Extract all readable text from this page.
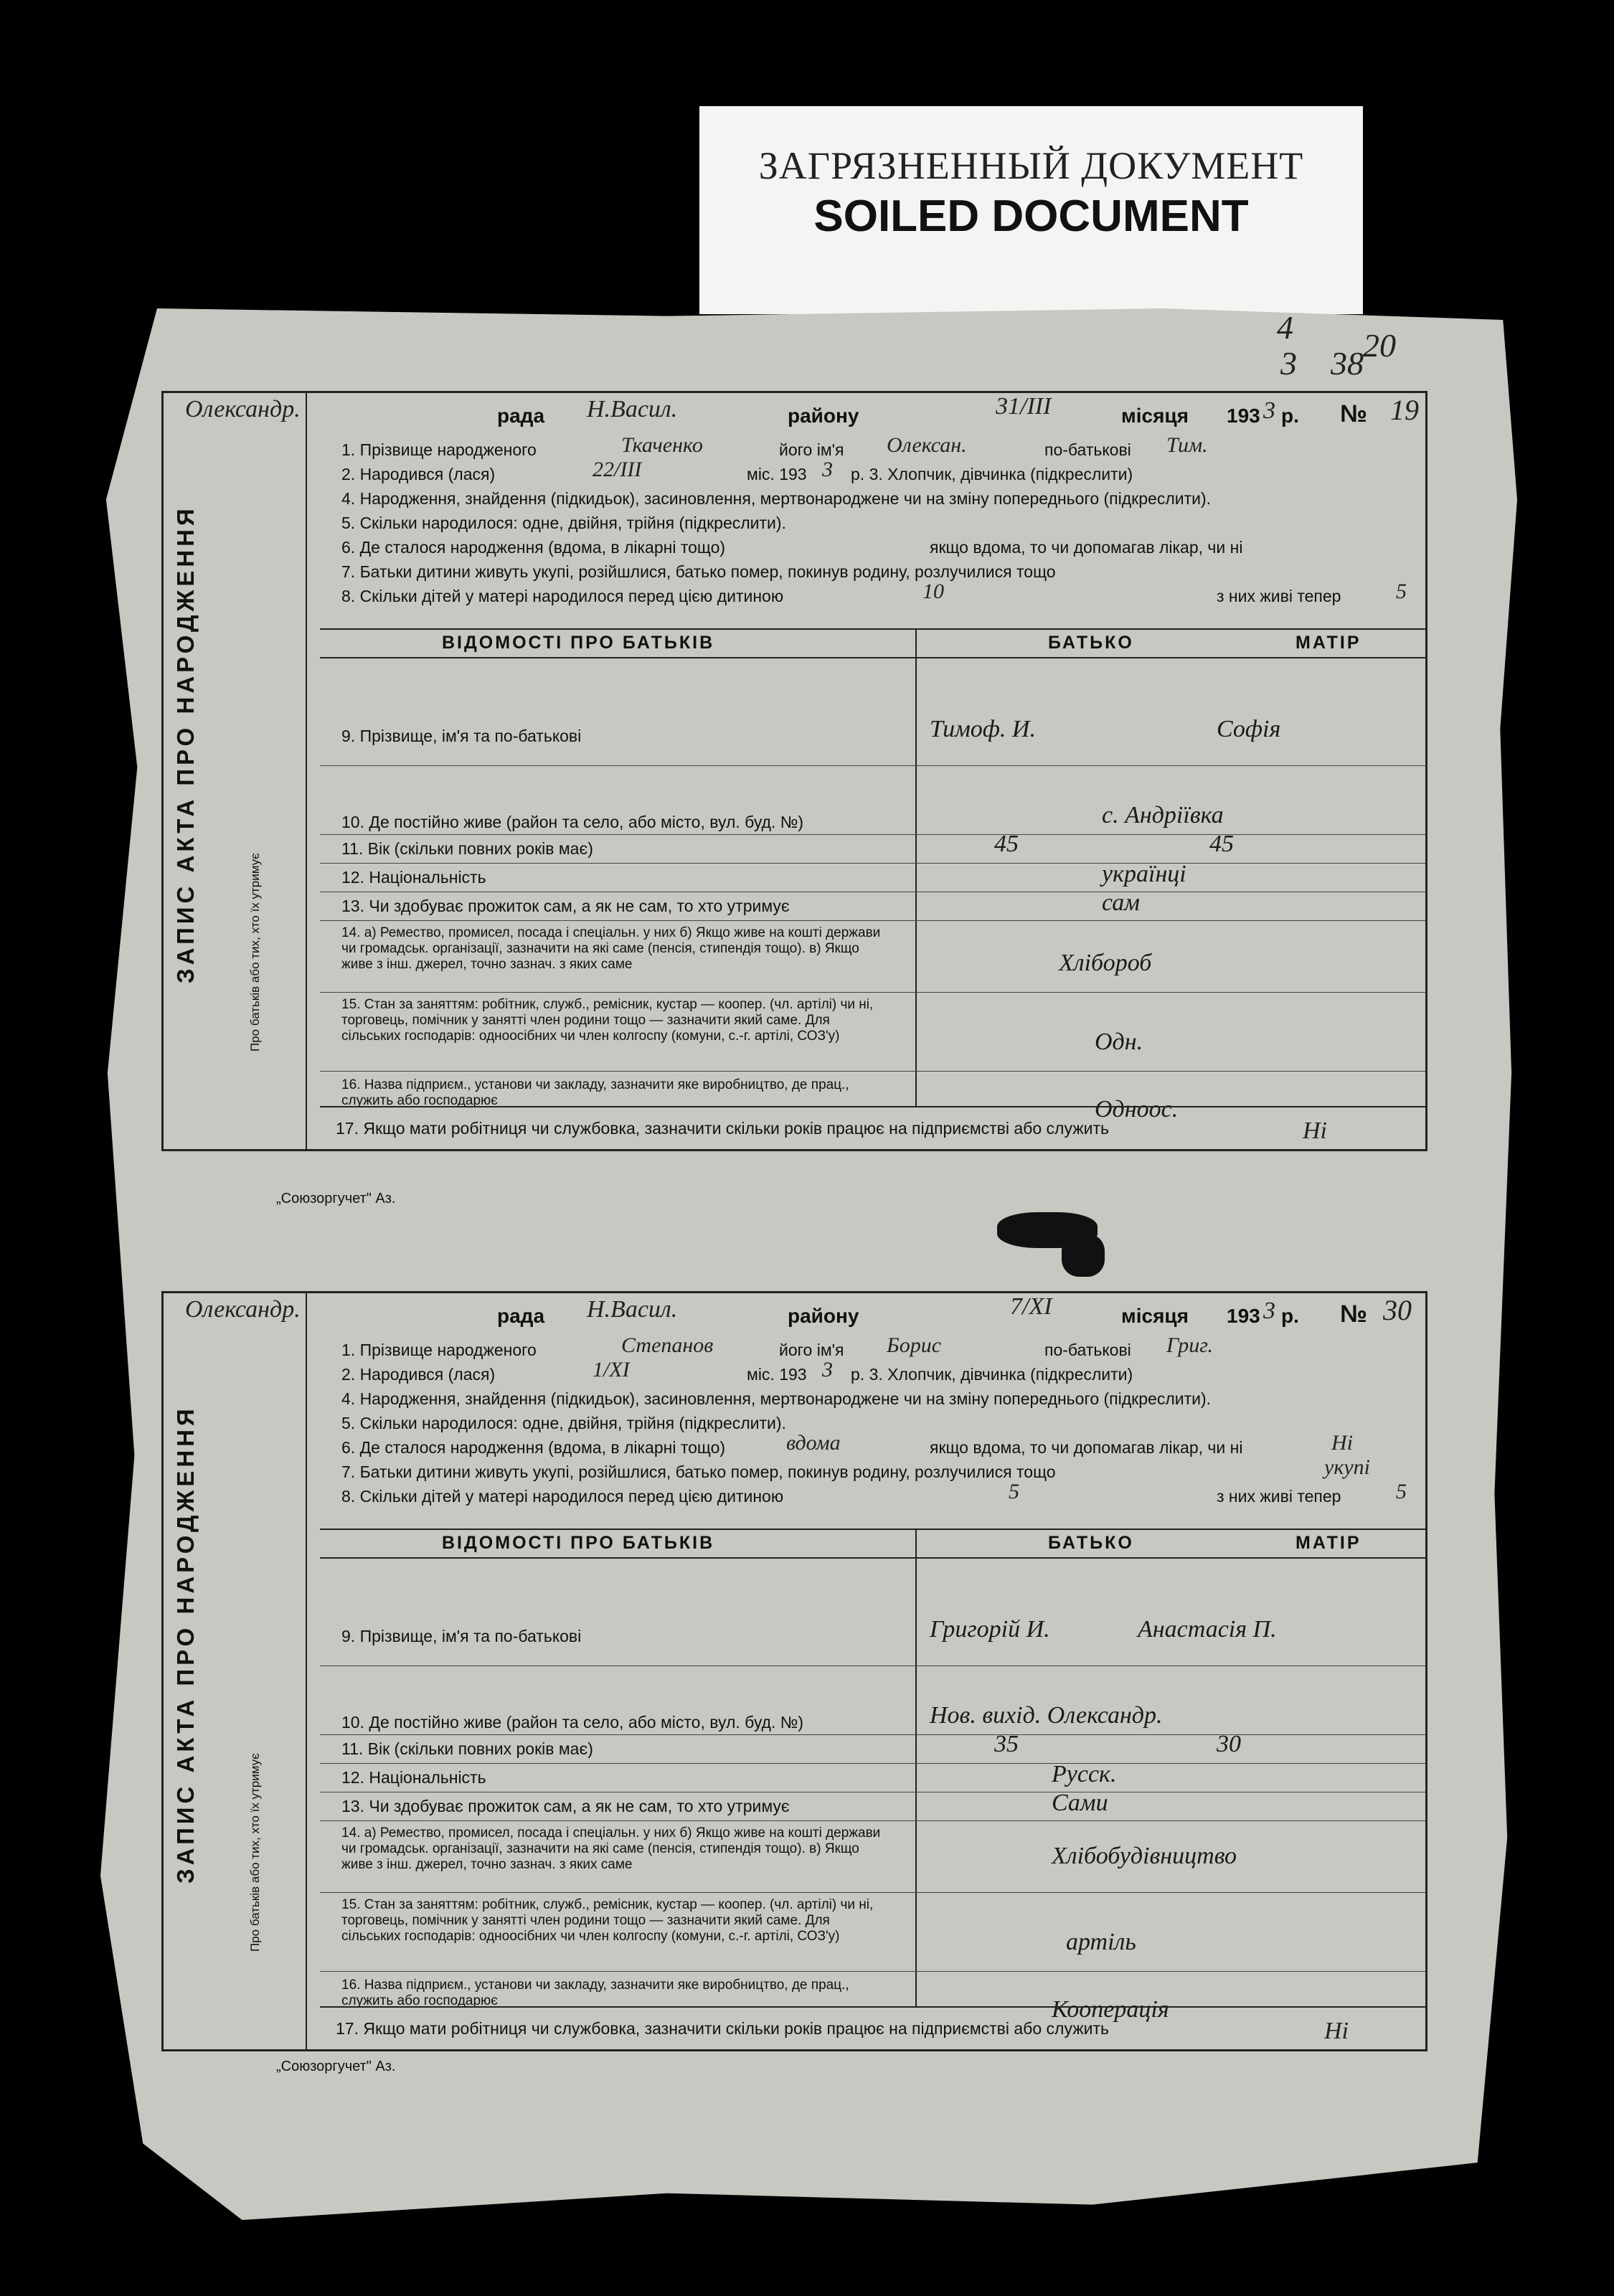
ЗАГРЯЗНЕННЫЙ ДОКУМЕНТ
SOILED DOCUMENT
4 20
3 38
ЗАПИС АКТА ПРО НАРОДЖЕННЯ	Про батьків або тих, хто їх утримує
Олександр.	рада Н.Васил.	району	31/III	місяця 193 3 р. № 19
1. Прізвище народженого	Ткаченко	його ім'я Олексан.	по-батькові Тим.
2. Народився (лася)	22/III	міс. 193 3 р. 3. Хлопчик, дівчинка (підкреслити)
4. Народження, знайдення (підкидьок), засиновлення, мертвонароджене чи на зміну попереднього (підкреслити).
5. Скільки народилося: одне, двійня, трійня (підкреслити).
6. Де сталося народження (вдома, в лікарні тощо)	якщо вдома, то чи допомагав лікар, чи ні
7. Батьки дитини живуть укупі, розійшлися, батько помер, покинув родину, розлучилися тощо
8. Скільки дітей у матері народилося перед цією дитиною	10	з них живі тепер	5
ВІДОМОСТІ ПРО БАТЬКІВ	БАТЬКО	МАТІР
9. Прізвище, ім'я та по-батькові	Тимоф. И.	Софія
10. Де постійно живе (район та село, або місто, вул. буд. №)	с. Андріївка
11. Вік (скільки повних років має)	45	45
12. Національність	українці
13. Чи здобуває прожиток сам, а як не сам, то хто утримує	сам
14. а) Ремество, промисел, посада і спеціальн. у них б) Якщо живе на коштi держави чи громадськ. організації, зазначити на які саме (пенсія, стипендія тощо). в) Якщо живе з інш. джерел, точно зазнач. з яких саме	Хлібороб
15. Стан за заняттям: робітник, служб., ремісник, кустар — коопер. (чл. артілі) чи ні, торговець, помічник у занятті член родини тощо — зазначити який саме. Для сільських господарів: одноосібних чи член колгоспу (комуни, с.-г. артілі, СОЗ'у)	Одн.
16. Назва підприєм., установи чи закладу, зазначити яке виробництво, де прац., служить або господарює	Одноос.
17. Якщо мати робітниця чи службовка, зазначити скільки років працює на підприємстві або служить	Ні
„Союзоргучет" Аз.
ЗАПИС АКТА ПРО НАРОДЖЕННЯ	Про батьків або тих, хто їх утримує
Олександр.	рада Н.Васил.	району	7/XI	місяця 193 3 р. № 30
1. Прізвище народженого	Степанов	його ім'я Борис	по-батькові Григ.
2. Народився (лася)	1/XI	міс. 193 3 р. 3. Хлопчик, дівчинка (підкреслити)
4. Народження, знайдення (підкидьок), засиновлення, мертвонароджене чи на зміну попереднього (підкреслити).
5. Скільки народилося: одне, двійня, трійня (підкреслити).
6. Де сталося народження (вдома, в лікарні тощо)	вдома	якщо вдома, то чи допомагав лікар, чи ні	Ні
7. Батьки дитини живуть укупі, розійшлися, батько помер, покинув родину, розлучилися тощо	укупі
8. Скільки дітей у матері народилося перед цією дитиною	5	з них живі тепер	5
ВІДОМОСТІ ПРО БАТЬКІВ	БАТЬКО	МАТІР
9. Прізвище, ім'я та по-батькові	Григорій И.	Анастасія П.
10. Де постійно живе (район та село, або місто, вул. буд. №)	Нов. вихід. Олександр.
11. Вік (скільки повних років має)	35	30
12. Національність	Русск.
13. Чи здобуває прожиток сам, а як не сам, то хто утримує	Сами
14. а) Ремество, промисел, посада і спеціальн. у них б) Якщо живе на коштi держави чи громадськ. організації, зазначити на які саме (пенсія, стипендія тощо). в) Якщо живе з інш. джерел, точно зазнач. з яких саме	Хлібобудівництво
15. Стан за заняттям: робітник, служб., ремісник, кустар — коопер. (чл. артілі) чи ні, торговець, помічник у занятті член родини тощо — зазначити який саме. Для сільських господарів: одноосібних чи член колгоспу (комуни, с.-г. артілі, СОЗ'у)	артіль
16. Назва підприєм., установи чи закладу, зазначити яке виробництво, де прац., служить або господарює	Кооперація
17. Якщо мати робітниця чи службовка, зазначити скільки років працює на підприємстві або служить	Ні
„Союзоргучет" Аз.
